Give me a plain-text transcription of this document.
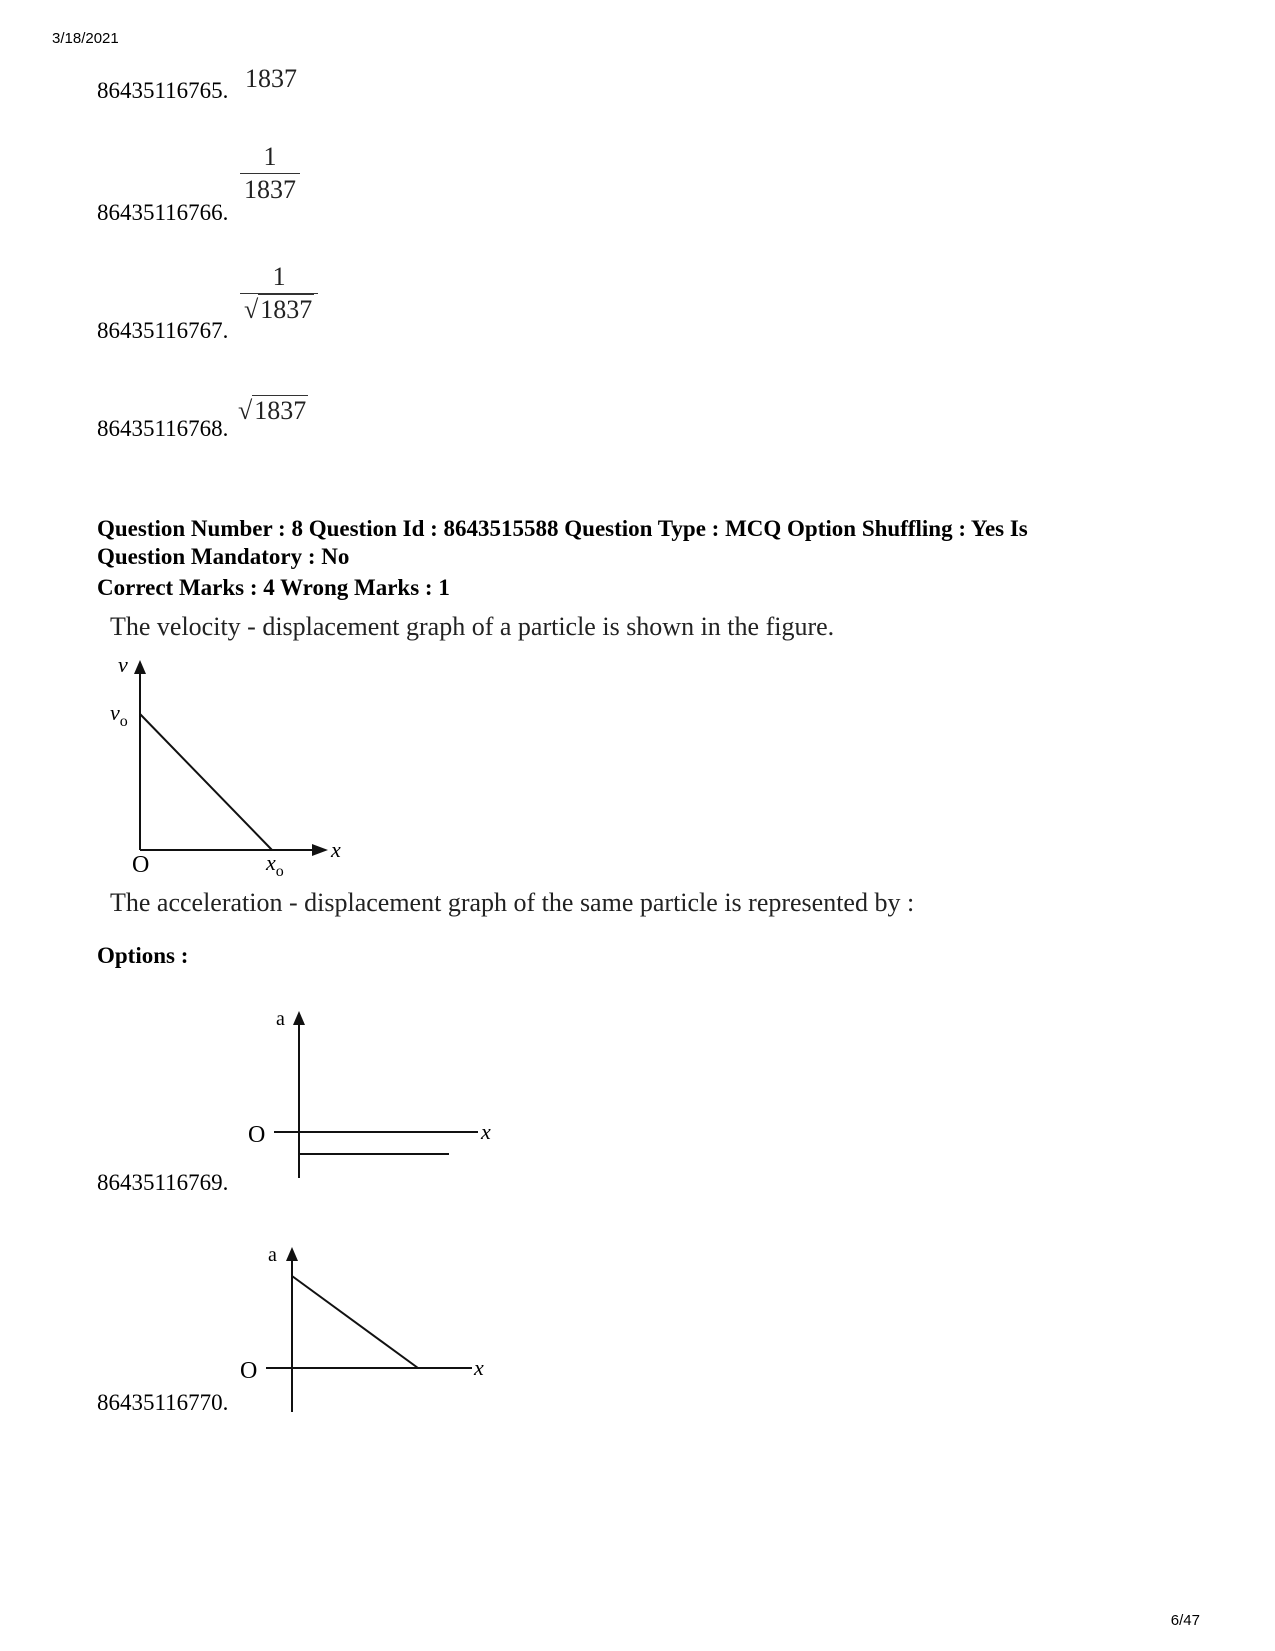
3/18/2021
6/47
86435116765. 1837
86435116766.
$\frac{1}{1837}$
86435116767.
$\frac{1}{√1837}$
86435116768.
√1837
Question Number : 8 Question Id : 8643515588 Question Type : MCQ Option Shuffling : Yes Is
Question Mandatory : No
Correct Marks : 4 Wrong Marks : 1
The velocity - displacement graph of a particle is shown in the figure.
v
$v_o$
O
x
$x_o$
The acceleration - displacement graph of the same particle is represented by :
Options :
a
O	x
86435116769.
a
O	x
86435116770.
